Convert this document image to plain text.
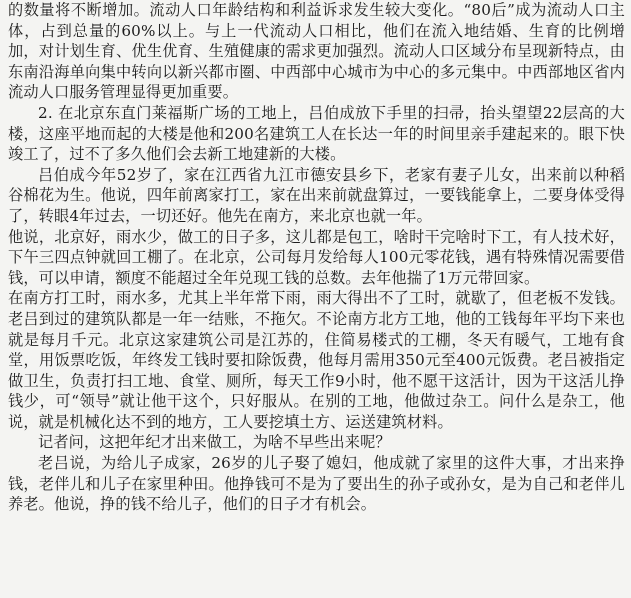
的数量将不断增加。流动人口年龄结构和利益诉求发生较大变化。“80后”成为流动人口主体，占到总量的60%以上。与上一代流动人口相比，他们在流入地结婚、生育的比例增加，对计划生育、优生优育、生殖健康的需求更加强烈。流动人口区域分布呈现新特点，由东南沿海单向集中转向以新兴都市圈、中西部中心城市为中心的多元集中。中西部地区省内流动人口服务管理显得更加重要。

2. 在北京东直门莱福斯广场的工地上，吕伯成放下手里的扫帚，抬头望望22层高的大楼，这座平地而起的大楼是他和200名建筑工人在长达一年的时间里亲手建起来的。眼下快竣工了，过不了多久他们会去新工地建新的大楼。

吕伯成今年52岁了，家在江西省九江市德安县乡下，老家有妻子儿女，出来前以种稻谷棉花为生。他说，四年前离家打工，家在出来前就盘算过，一要钱能拿上，二要身体受得了，转眼4年过去，一切还好。他先在南方，来北京也就一年。

他说，北京好，雨水少，做工的日子多，这儿都是包工，啥时干完啥时下工，有人技术好，下午三四点钟就回工棚了。在北京，公司每月发给每人100元零花钱，遇有特殊情况需要借钱，可以申请，额度不能超过全年兑现工钱的总数。去年他揣了1万元带回家。

在南方打工时，雨水多，尤其上半年常下雨，雨大得出不了工时，就歇了，但老板不发钱。老吕到过的建筑队都是一年一结账，不拖欠。不论南方北方工地，他的工钱每年平均下来也就是每月千元。北京这家建筑公司是江苏的，住简易楼式的工棚，冬天有暖气，工地有食堂，用饭票吃饭，年终发工钱时要扣除饭费，他每月需用350元至400元饭费。老吕被指定做卫生，负责打扫工地、食堂、厕所，每天工作9小时，他不愿干这活计，因为干这活儿挣钱少，可“领导”就让他干这个，只好服从。在别的工地，他做过杂工。问什么是杂工，他说，就是机械化达不到的地方，工人要挖填土方、运送建筑材料。

记者问，这把年纪才出来做工，为啥不早些出来呢？

老吕说，为给儿子成家，26岁的儿子娶了媳妇，他成就了家里的这件大事，才出来挣钱，老伴儿和儿子在家里种田。他挣钱可不是为了要出生的孙子或孙女，是为自己和老伴儿养老。他说，挣的钱不给儿子，他们的日子才有机会。
